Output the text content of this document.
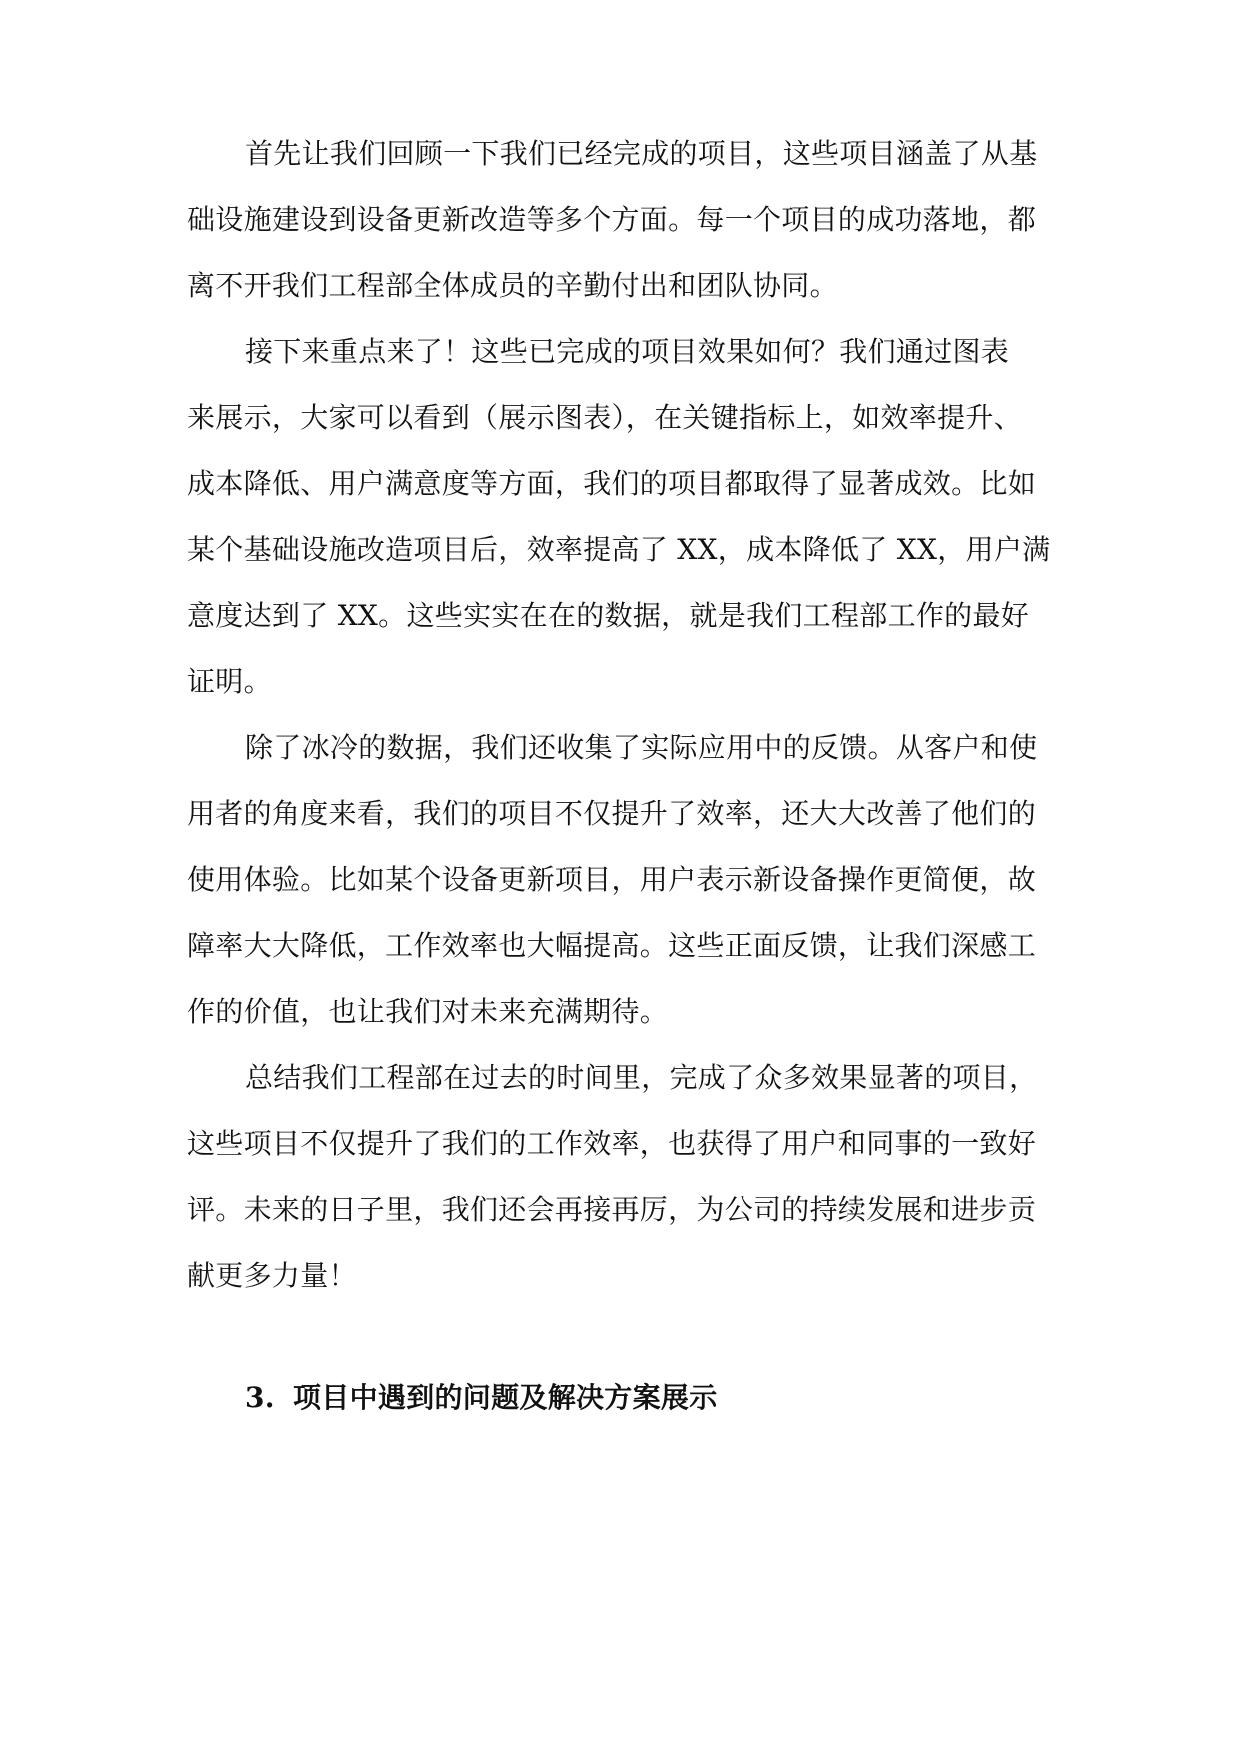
首先让我们回顾一下我们已经完成的项目，这些项目涵盖了从基
础设施建设到设备更新改造等多个方面。每一个项目的成功落地，都
离不开我们工程部全体成员的辛勤付出和团队协同。
接下来重点来了！这些已完成的项目效果如何？我们通过图表
来展示，大家可以看到（展示图表），在关键指标上，如效率提升、
成本降低、用户满意度等方面，我们的项目都取得了显著成效。比如
某个基础设施改造项目后，效率提高了 XX，成本降低了 XX，用户满
意度达到了 XX。这些实实在在的数据，就是我们工程部工作的最好
证明。
除了冰冷的数据，我们还收集了实际应用中的反馈。从客户和使
用者的角度来看，我们的项目不仅提升了效率，还大大改善了他们的
使用体验。比如某个设备更新项目，用户表示新设备操作更简便，故
障率大大降低，工作效率也大幅提高。这些正面反馈，让我们深感工
作的价值，也让我们对未来充满期待。
总结我们工程部在过去的时间里，完成了众多效果显著的项目，
这些项目不仅提升了我们的工作效率，也获得了用户和同事的一致好
评。未来的日子里，我们还会再接再厉，为公司的持续发展和进步贡
献更多力量！
3. 项目中遇到的问题及解决方案展示
